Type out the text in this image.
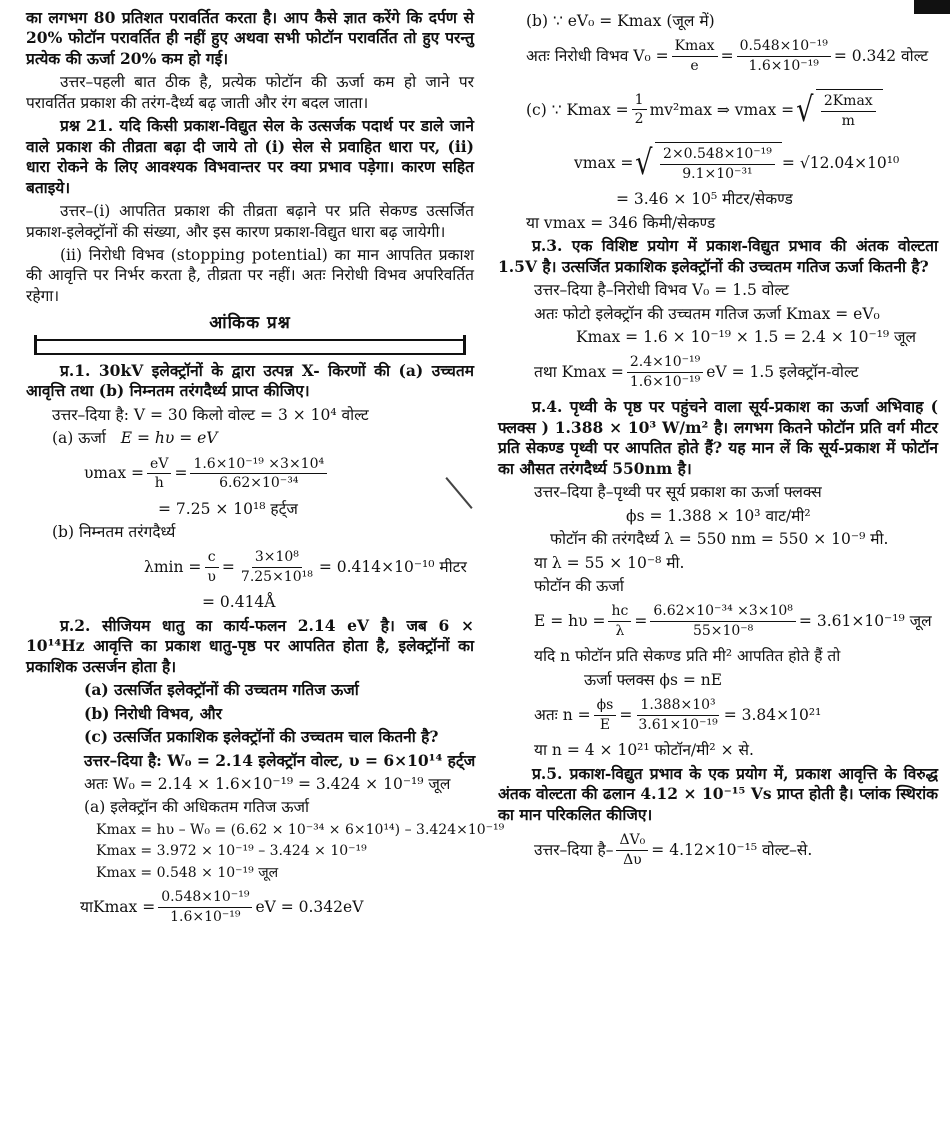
का लगभग 80 प्रतिशत परावर्तित करता है। आप कैसे ज्ञात करेंगे कि दर्पण से 20% फोटॉन परावर्तित ही नहीं हुए अथवा सभी फोटॉन परावर्तित तो हुए परन्तु प्रत्येक की ऊर्जा 20% कम हो गई।

उत्तर–पहली बात ठीक है, प्रत्येक फोटॉन की ऊर्जा कम हो जाने पर परावर्तित प्रकाश की तरंग-दैर्ध्य बढ़ जाती और रंग बदल जाता।

प्रश्न 21. यदि किसी प्रकाश-विद्युत सेल के उत्सर्जक पदार्थ पर डाले जाने वाले प्रकाश की तीव्रता बढ़ा दी जाये तो (i) सेल से प्रवाहित धारा पर, (ii) धारा रोकने के लिए आवश्यक विभवान्तर पर क्या प्रभाव पड़ेगा। कारण सहित बताइये।

उत्तर–(i) आपतित प्रकाश की तीव्रता बढ़ाने पर प्रति सेकण्ड उत्सर्जित प्रकाश-इलेक्ट्रॉनों की संख्या, और इस कारण प्रकाश-विद्युत धारा बढ़ जायेगी।

(ii) निरोधी विभव (stopping potential) का मान आपतित प्रकाश की आवृत्ति पर निर्भर करता है, तीव्रता पर नहीं। अतः निरोधी विभव अपरिवर्तित रहेगा।

आंकिक प्रश्न

प्र.1. 30kV इलेक्ट्रॉनों के द्वारा उत्पन्न X- किरणों की (a) उच्चतम आवृत्ति तथा (b) निम्नतम तरंगदैर्ध्य प्राप्त कीजिए।

उत्तर–दिया है: V = 30 किलो वोल्ट = 3 × 10⁴ वोल्ट

(a) ऊर्जा E = hυ = eV

$\upsilon\max = \frac{eV}{h} = \frac{\text{1.6×10⁻¹⁹ ×3×10⁴}}{\text{6.62×10⁻³⁴}}$

= 7.25 × 10¹⁸ हर्ट्ज

(b) निम्नतम तरंगदैर्ध्य

$\lambda\min = \frac{c}{\upsilon} = \frac{\text{3×10⁸}}{\text{7.25×10¹⁸}} = 0.414\times 10^{-10}$ मीटर

= 0.414Å

प्र.2. सीजियम धातु का कार्य-फलन 2.14 eV है। जब 6 × 10¹⁴Hz आवृत्ति का प्रकाश धातु-पृष्ठ पर आपतित होता है, इलेक्ट्रॉनों का प्रकाशिक उत्सर्जन होता है।

(a) उत्सर्जित इलेक्ट्रॉनों की उच्चतम गतिज ऊर्जा

(b) निरोधी विभव, और

(c) उत्सर्जित प्रकाशिक इलेक्ट्रॉनों की उच्चतम चाल कितनी है?

उत्तर–दिया है: W₀ = 2.14 इलेक्ट्रॉन वोल्ट, υ = 6×10¹⁴ हर्ट्ज

अतः W₀ = 2.14 × 1.6×10⁻¹⁹ = 3.424 × 10⁻¹⁹ जूल

(a) इलेक्ट्रॉन की अधिकतम गतिज ऊर्जा

Kmax = hυ – W₀ = (6.62 × 10⁻³⁴ × 6×10¹⁴) – 3.424×10⁻¹⁹

Kmax = 3.972 × 10⁻¹⁹ – 3.424 × 10⁻¹⁹

Kmax = 0.548 × 10⁻¹⁹ जूल

याKmax = $\frac{\text{0.548×10⁻¹⁹}}{\text{1.6×10⁻¹⁹}}$ eV = 0.342eV

(b) ∵ eV₀ = Kmax (जूल में)

अतः निरोधी विभव $V_0 = \frac{Kmax}{e} = \frac{\text{0.548×10⁻¹⁹}}{\text{1.6×10⁻¹⁹}} = 0.342$ वोल्ट
(c) ∵ $Kmax = \frac{1}{2} mv^2\max$ ⇒ vmax = √ $\frac{2Kmax}{m}$
vmax = √ $\frac{\text{2×0.548×10⁻¹⁹}}{\text{9.1×10⁻³¹}} = √12.04\times 10^{10}$

= 3.46 × 10⁵ मीटर/सेकण्ड

या vmax = 346 किमी/सेकण्ड

प्र.3. एक विशिष्ट प्रयोग में प्रकाश-विद्युत प्रभाव की अंतक वोल्टता 1.5V है। उत्सर्जित प्रकाशिक इलेक्ट्रॉनों की उच्चतम गतिज ऊर्जा कितनी है?

उत्तर–दिया है–निरोधी विभव V₀ = 1.5 वोल्ट

अतः फोटो इलेक्ट्रॉन की उच्चतम गतिज ऊर्जा Kmax = eV₀

Kmax = 1.6 × 10⁻¹⁹ × 1.5 = 2.4 × 10⁻¹⁹ जूल

तथा $Kmax = \frac{\text{2.4×10⁻¹⁹}}{\text{1.6×10⁻¹⁹}}$ eV = 1.5 इलेक्ट्रॉन-वोल्ट

प्र.4. पृथ्वी के पृष्ठ पर पहुंचने वाला सूर्य-प्रकाश का ऊर्जा अभिवाह ( फ्लक्स ) 1.388 × 10³ W/m² है। लगभग कितने फोटॉन प्रति वर्ग मीटर प्रति सेकण्ड पृथ्वी पर आपतित होते हैं? यह मान लें कि सूर्य-प्रकाश में फोटॉन का औसत तरंगदैर्ध्य 550nm है।

उत्तर–दिया है–पृथ्वी पर सूर्य प्रकाश का ऊर्जा फ्लक्स

ϕs = 1.388 × 10³ वाट/मी²

फोटॉन की तरंगदैर्ध्य λ = 550 nm = 550 × 10⁻⁹ मी.

या λ = 55 × 10⁻⁸ मी.

फोटॉन की ऊर्जा

$E = h\upsilon = \frac{hc}{\lambda} = \frac{\text{6.62×10⁻³⁴ ×3×10⁸}}{\text{55×10⁻⁸}} = 3.61\times 10^{-19}$ जूल

यदि n फोटॉन प्रति सेकण्ड प्रति मी² आपतित होते हैं तो

ऊर्जा फ्लक्स ϕs = nE

अतः $n = \frac{\phi s}{E} = \frac{\text{1.388×10³}}{\text{3.61×10⁻¹⁹}} = 3.84\times 10^{21}$

या n = 4 × 10²¹ फोटॉन/मी² × से.

प्र.5. प्रकाश-विद्युत प्रभाव के एक प्रयोग में, प्रकाश आवृत्ति के विरुद्ध अंतक वोल्टता की ढलान 4.12 × 10⁻¹⁵ Vs प्राप्त होती है। प्लांक स्थिरांक का मान परिकलित कीजिए।

उत्तर–दिया है– $\frac{\text{ΔV₀}}{\Delta\upsilon} = 4.12\times 10^{-15}$ वोल्ट–से.
